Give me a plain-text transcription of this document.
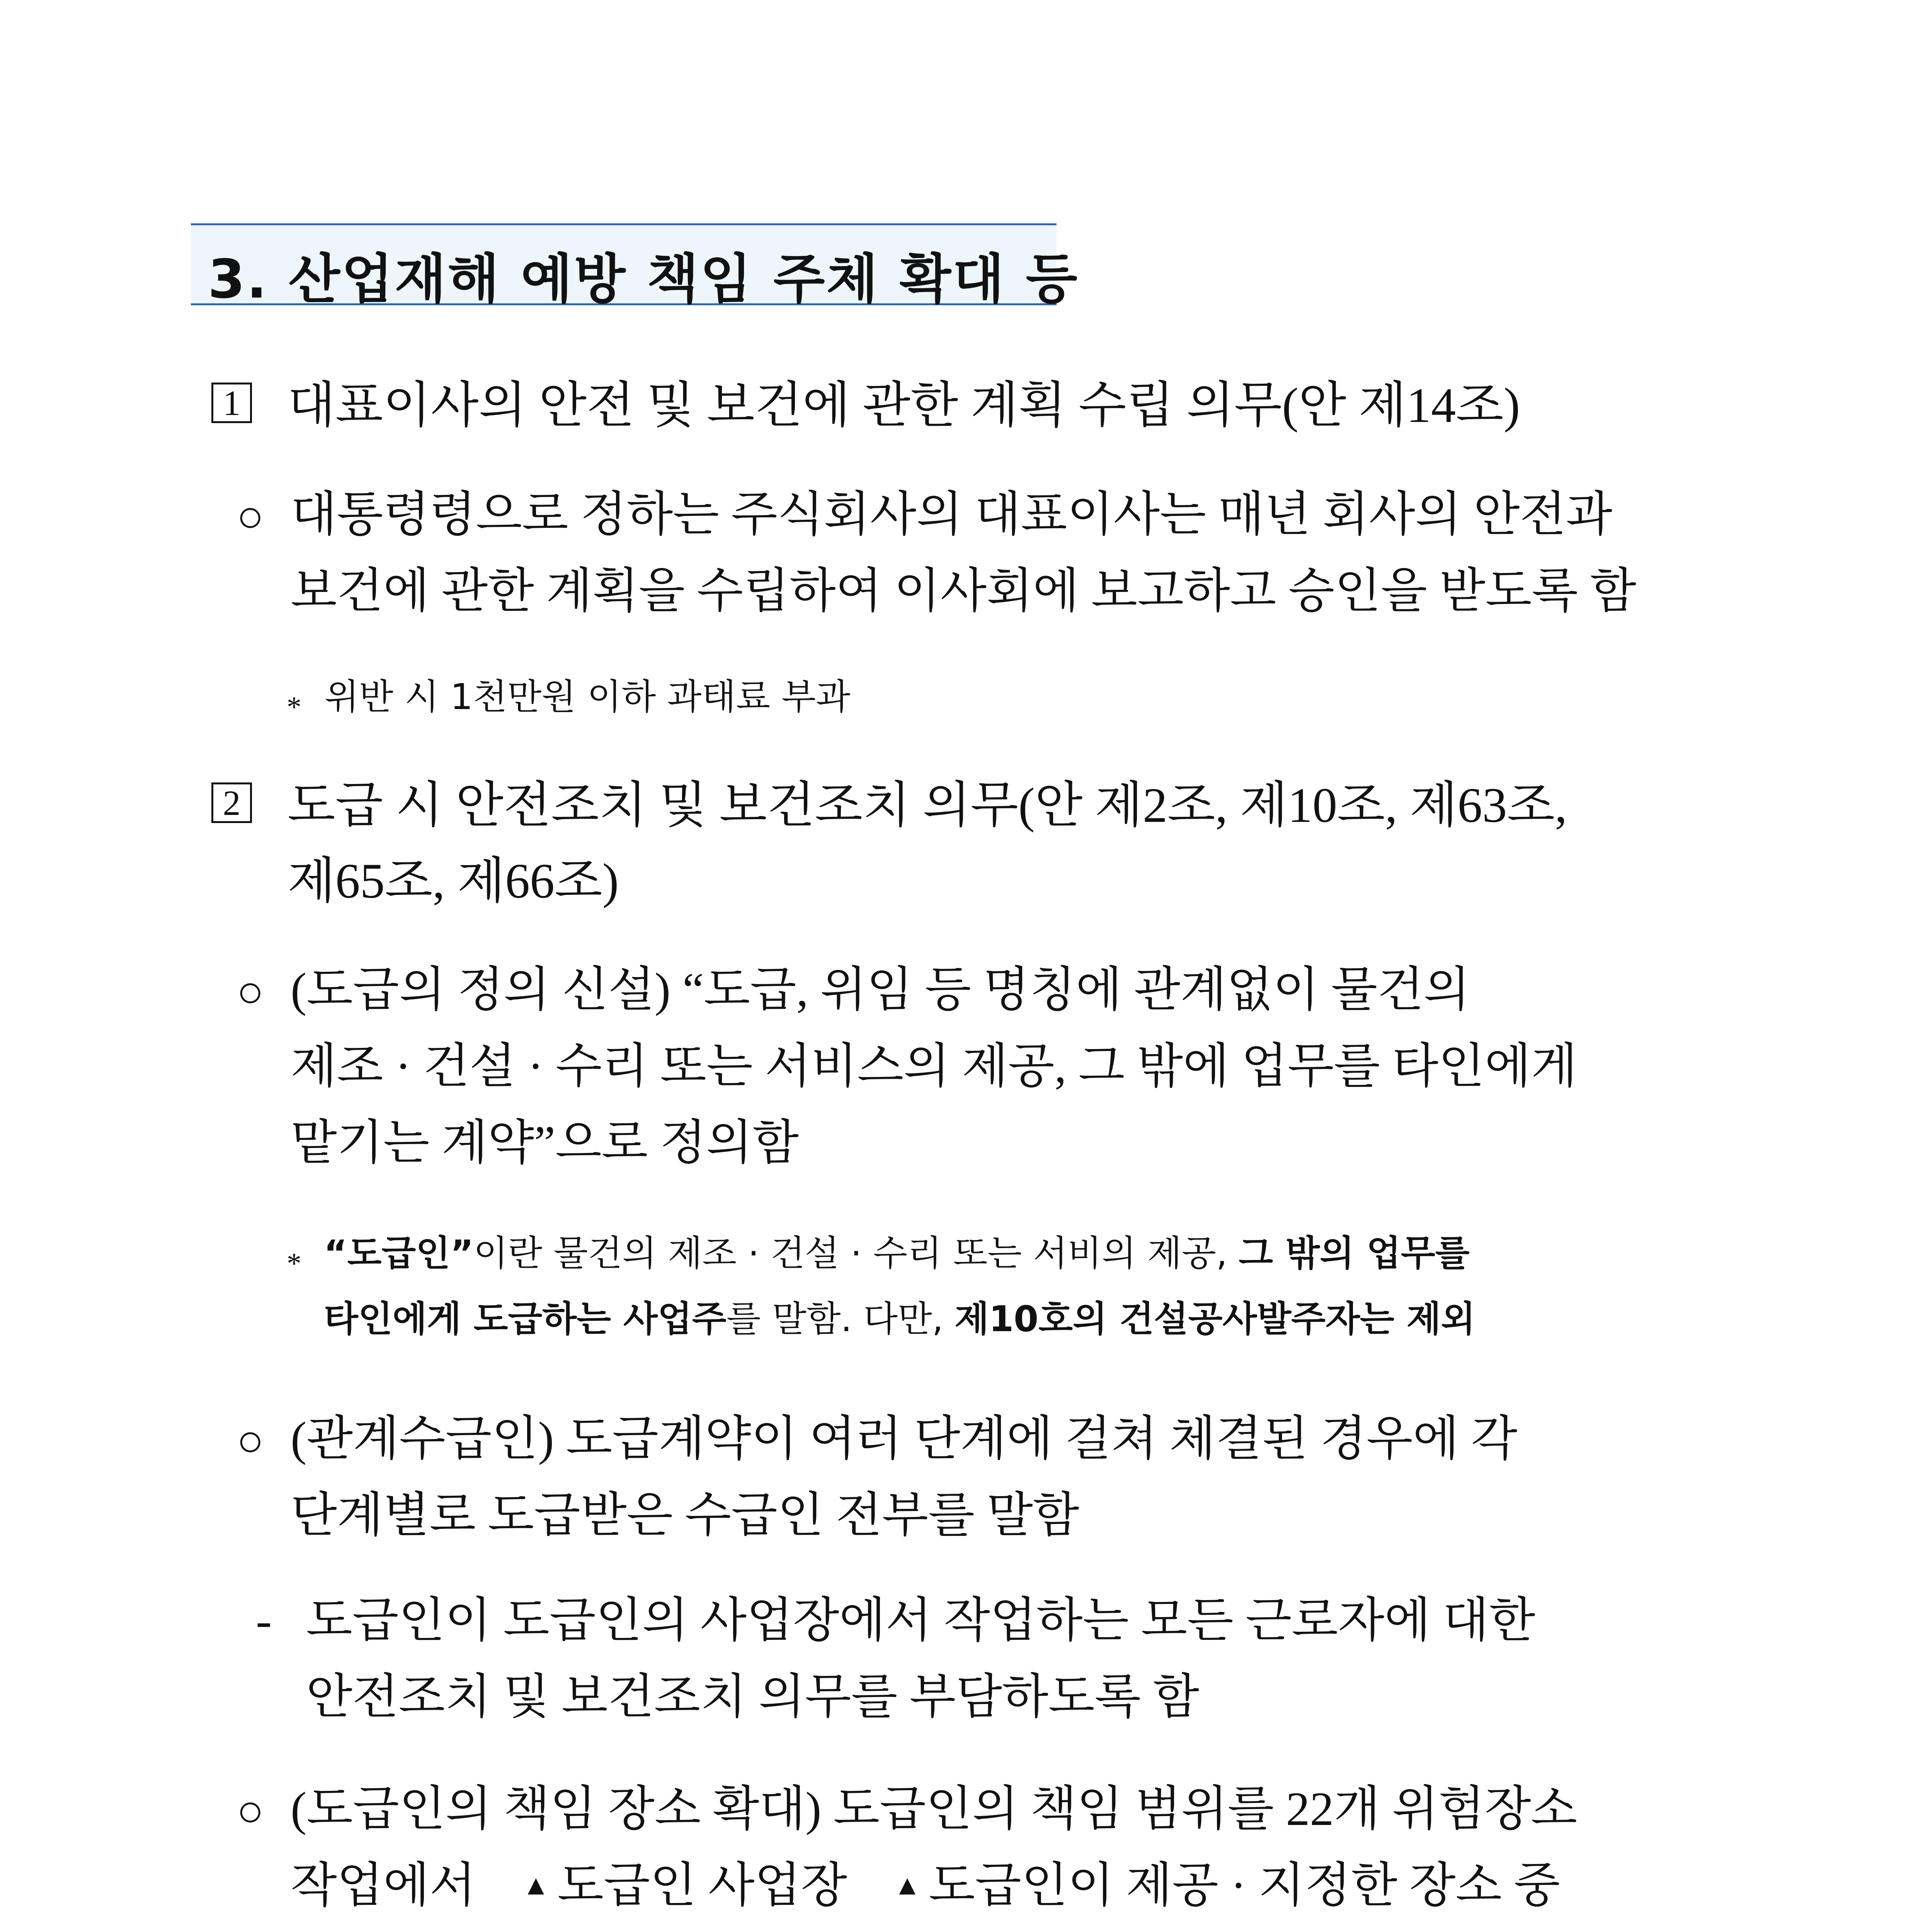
3. 산업재해 예방 책임 주체 확대 등
1 대표이사의 안전 및 보건에 관한 계획 수립 의무(안 제14조)
○ 대통령령으로 정하는 주식회사의 대표이사는 매년 회사의 안전과
보건에 관한 계획을 수립하여 이사회에 보고하고 승인을 받도록 함
* 위반 시 1천만원 이하 과태료 부과
2 도급 시 안전조치 및 보건조치 의무(안 제2조, 제10조, 제63조,
제65조, 제66조)
○ (도급의 정의 신설) “도급, 위임 등 명칭에 관계없이 물건의
제조 · 건설 · 수리 또는 서비스의 제공, 그 밖에 업무를 타인에게
맡기는 계약”으로 정의함
* “도급인”이란 물건의 제조 · 건설 · 수리 또는 서비의 제공, 그 밖의 업무를
타인에게 도급하는 사업주를 말함. 다만, 제10호의 건설공사발주자는 제외
○ (관계수급인) 도급계약이 여러 단계에 걸쳐 체결된 경우에 각
단계별로 도급받은 수급인 전부를 말함
- 도급인이 도급인의 사업장에서 작업하는 모든 근로자에 대한
안전조치 및 보건조치 의무를 부담하도록 함
○ (도급인의 책임 장소 확대) 도급인의 책임 범위를 22개 위험장소
작업에서 ▲ 도급인 사업장 ▲ 도급인이 제공 · 지정한 장소 중
